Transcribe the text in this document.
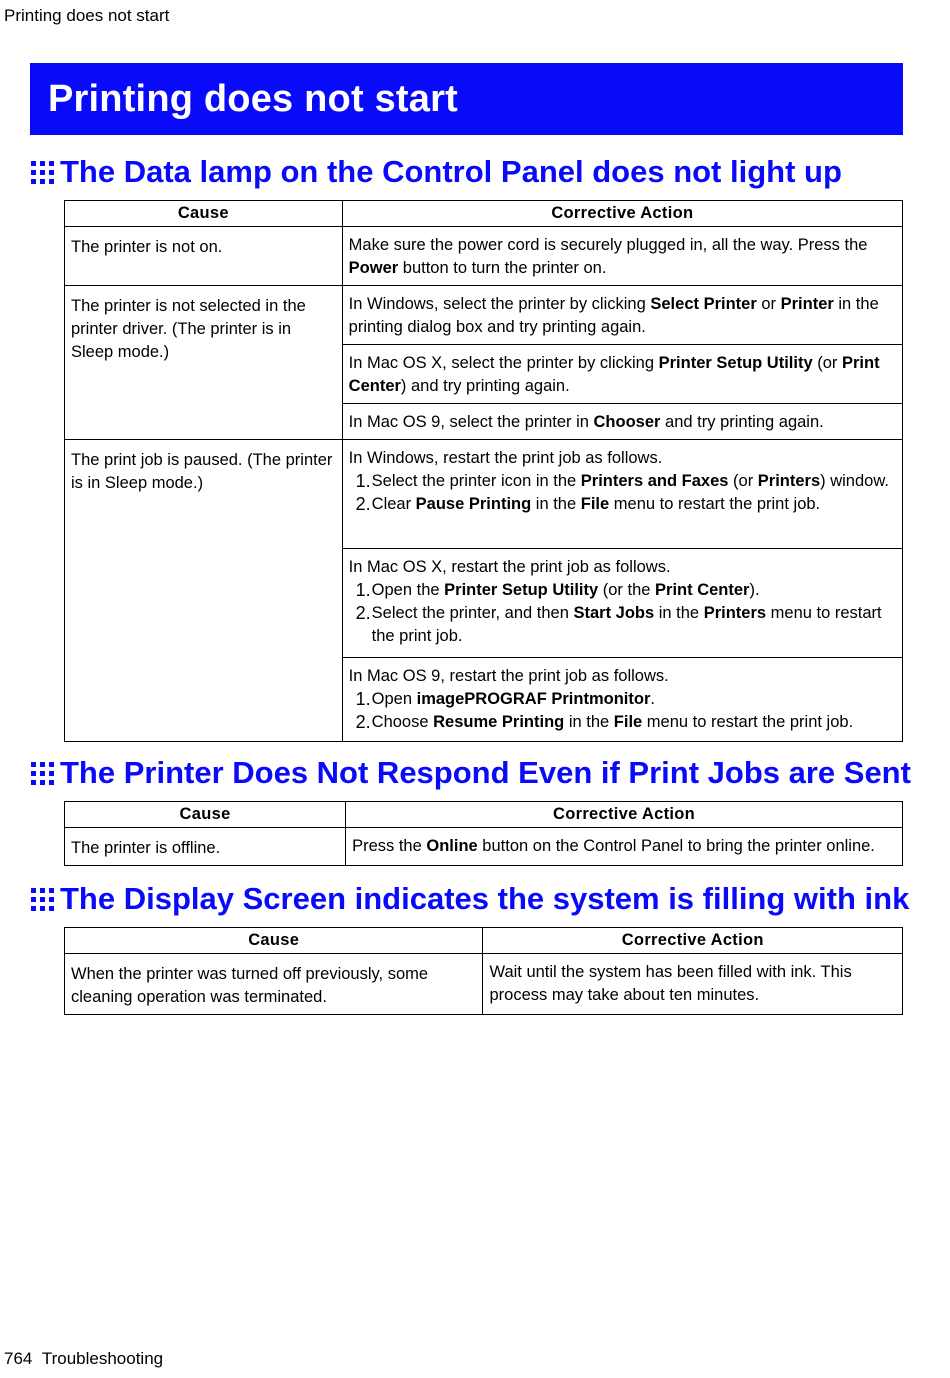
Printing does not start
Printing does not start
The Data lamp on the Control Panel does not light up
Cause	Corrective Action
The printer is not on.	Make sure the power cord is securely plugged in, all the way. Press the Power button to turn the printer on.
The printer is not selected in the printer driver. (The printer is in Sleep mode.)	In Windows, select the printer by clicking Select Printer or Printer in the printing dialog box and try printing again.
	In Mac OS X, select the printer by clicking Printer Setup Utility (or Print Center) and try printing again.
	In Mac OS 9, select the printer in Chooser and try printing again.
The print job is paused. (The printer is in Sleep mode.)	In Windows, restart the print job as follows.
1. Select the printer icon in the Printers and Faxes (or Printers) window.
2. Clear Pause Printing in the File menu to restart the print job.

	In Mac OS X, restart the print job as follows.
1. Open the Printer Setup Utility (or the Print Center).
2. Select the printer, and then Start Jobs in the Printers menu to restart the print job.

	In Mac OS 9, restart the print job as follows.
1. Open imagePROGRAF Printmonitor.
2. Choose Resume Printing in the File menu to restart the print job.
The Printer Does Not Respond Even if Print Jobs are Sent
Cause	Corrective Action
The printer is offline.	Press the Online button on the Control Panel to bring the printer online.
The Display Screen indicates the system is filling with ink
Cause	Corrective Action
When the printer was turned off previously, some cleaning operation was terminated.	Wait until the system has been filled with ink. This process may take about ten minutes.
764 Troubleshooting
